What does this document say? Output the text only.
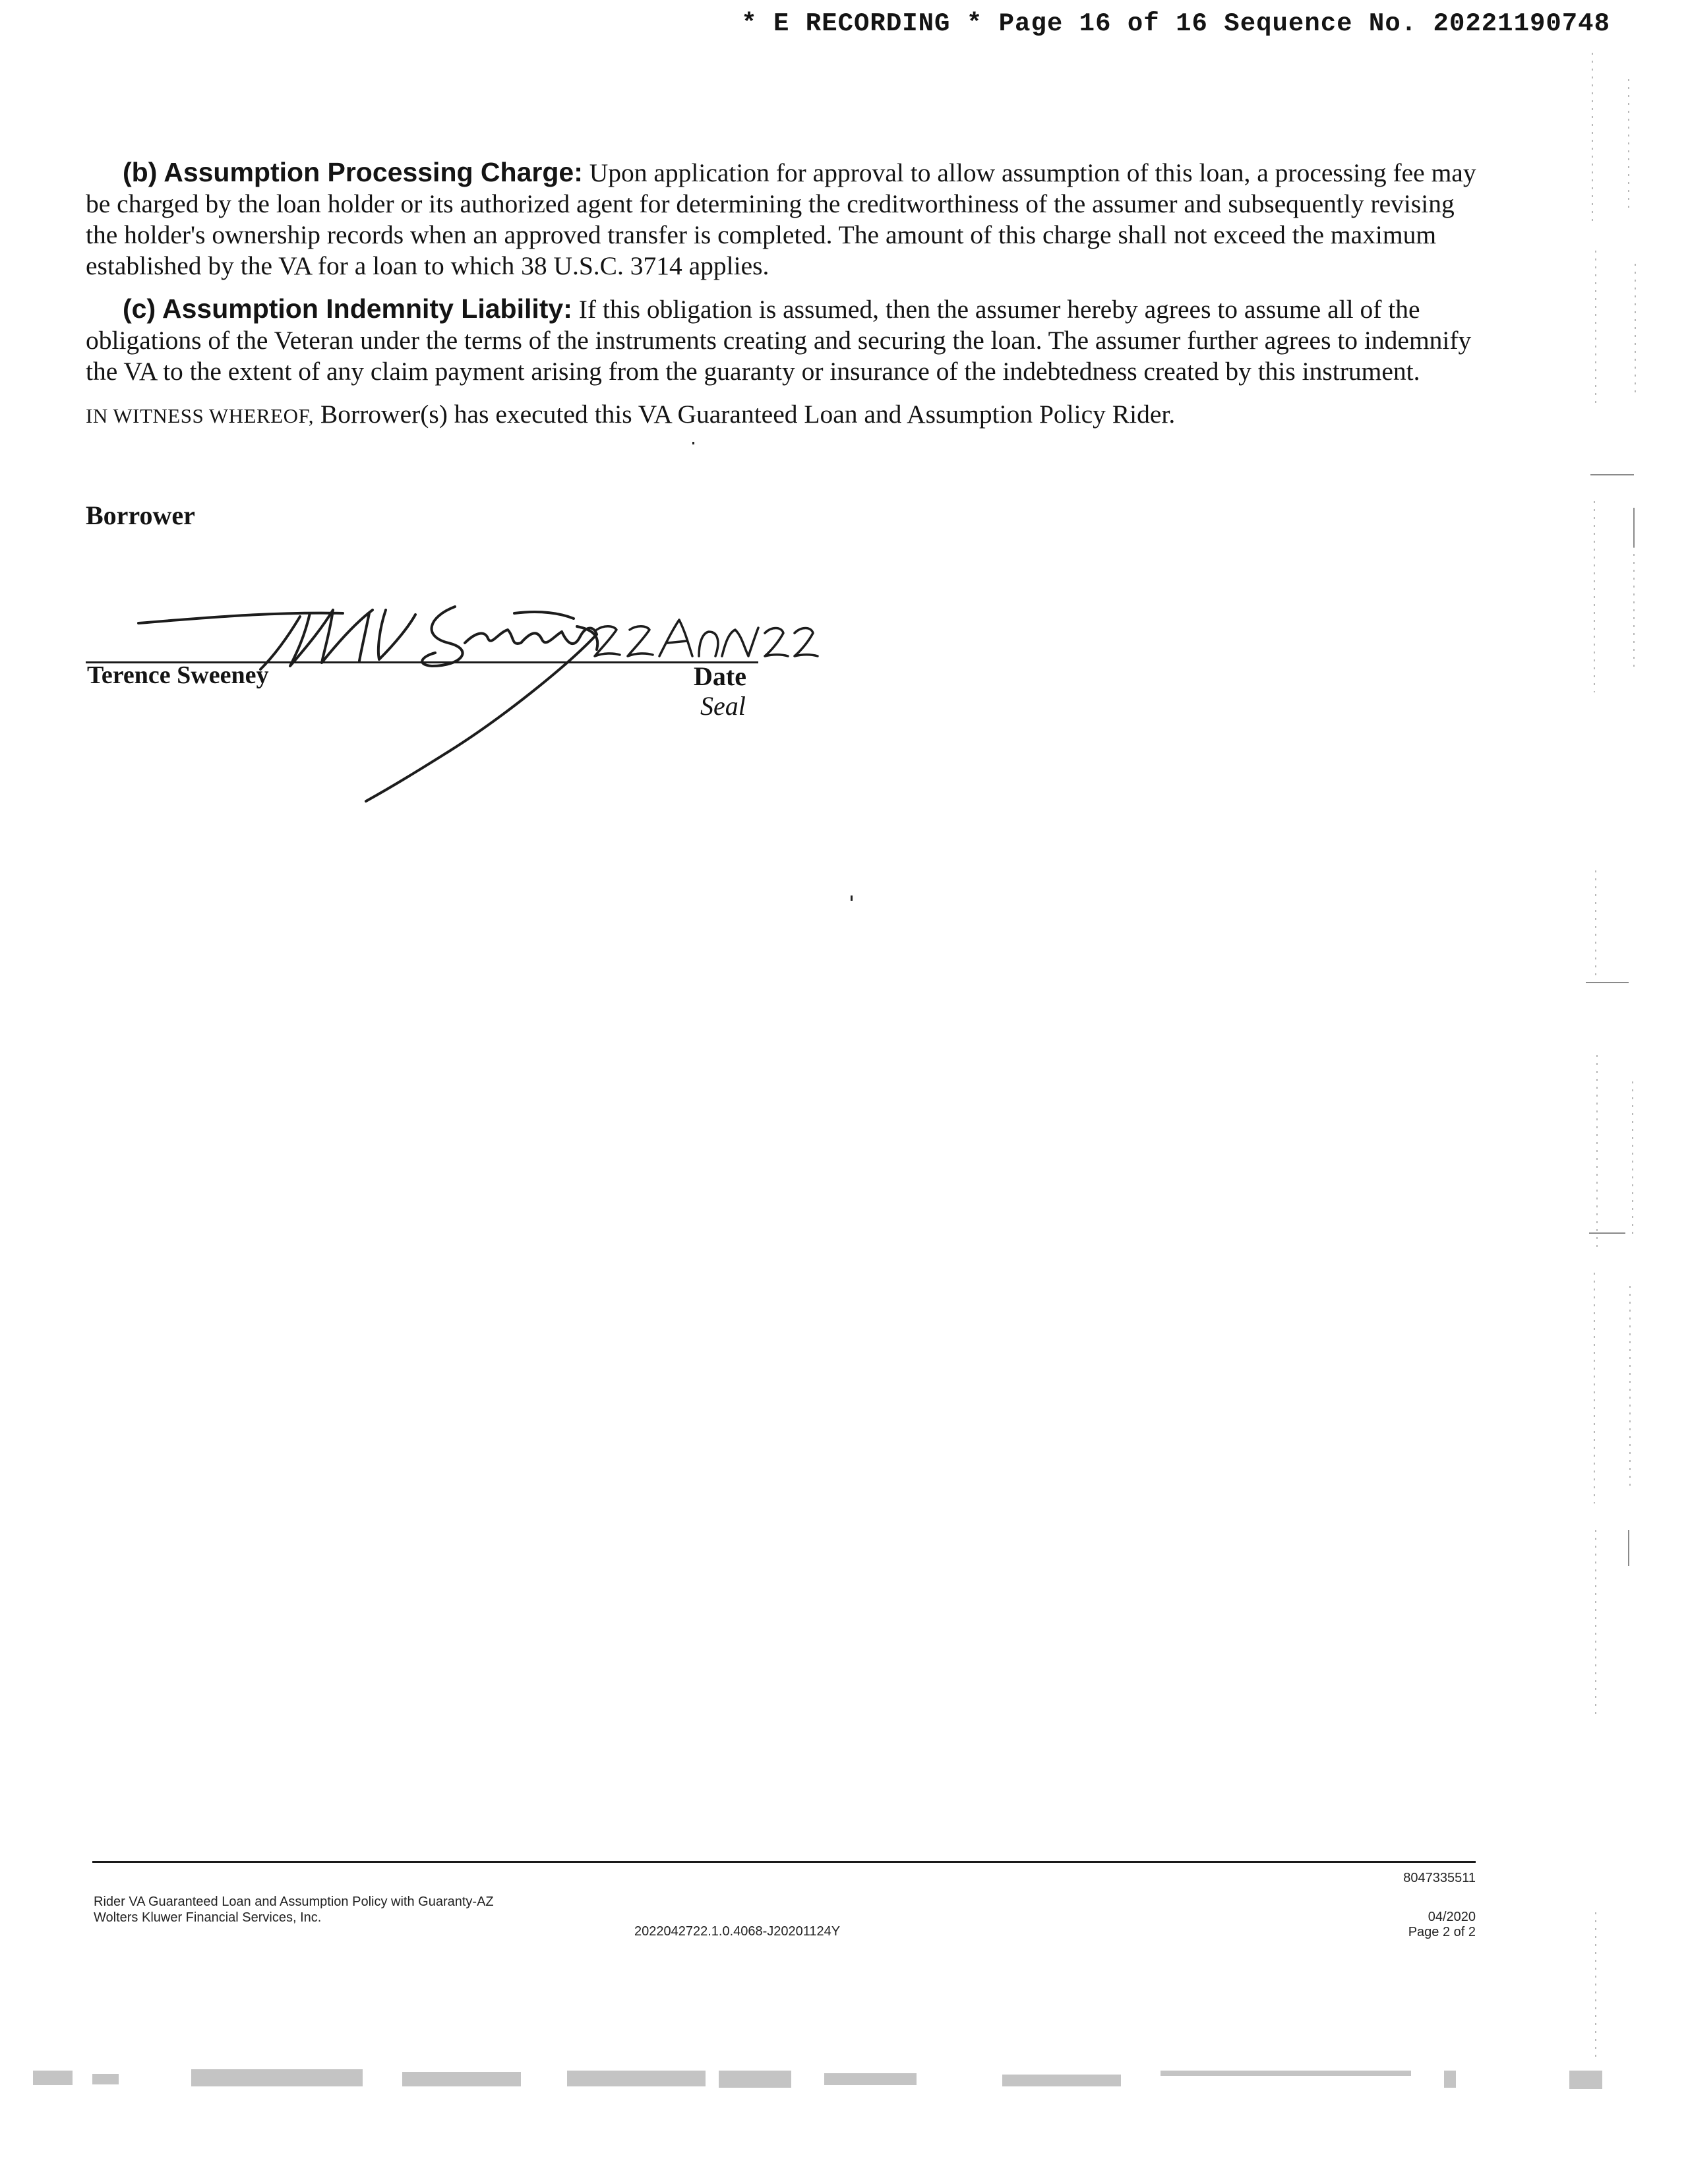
* E RECORDING * Page 16 of 16 Sequence No. 20221190748

(b) Assumption Processing Charge: Upon application for approval to allow assumption of this loan, a processing fee may be charged by the loan holder or its authorized agent for determining the creditworthiness of the assumer and subsequently revising the holder's ownership records when an approved transfer is completed. The amount of this charge shall not exceed the maximum established by the VA for a loan to which 38 U.S.C. 3714 applies.

(c) Assumption Indemnity Liability: If this obligation is assumed, then the assumer hereby agrees to assume all of the obligations of the Veteran under the terms of the instruments creating and securing the loan. The assumer further agrees to indemnify the VA to the extent of any claim payment arising from the guaranty or insurance of the indebtedness created by this instrument.

IN WITNESS WHEREOF, Borrower(s) has executed this VA Guaranteed Loan and Assumption Policy Rider.

Borrower
Terence Sweeney	Date
Seal
Rider VA Guaranteed Loan and Assumption Policy with Guaranty-AZ
Wolters Kluwer Financial Services, Inc.
2022042722.1.0.4068-J20201124Y
8047335511
04/2020
Page 2 of 2
